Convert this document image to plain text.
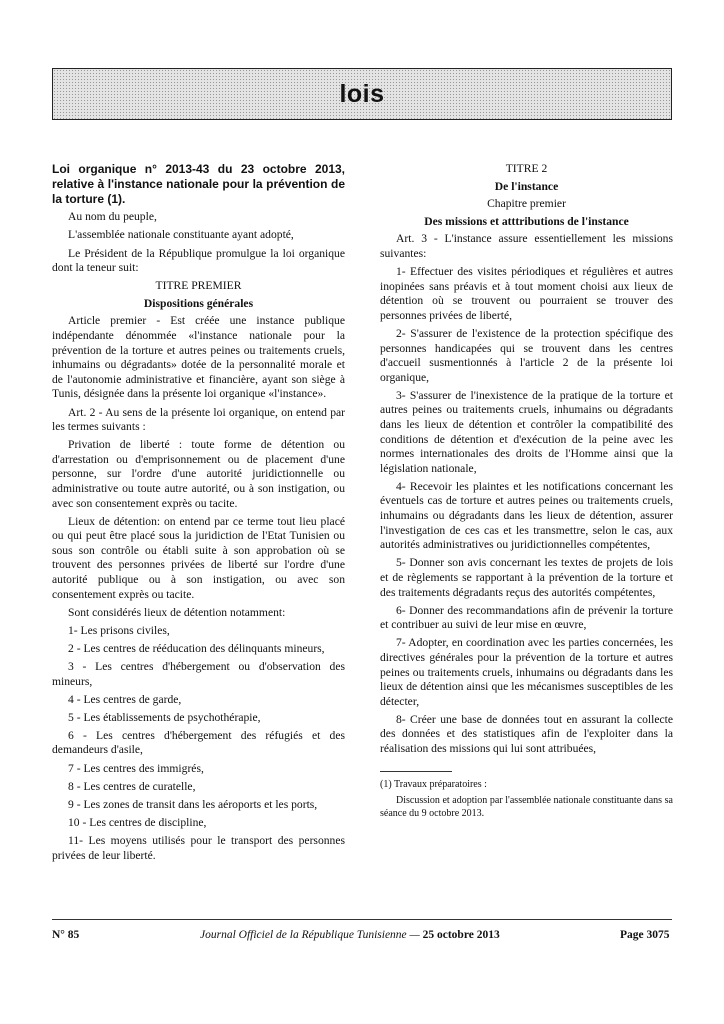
lois
Loi organique n° 2013-43 du 23 octobre 2013, relative à l'instance nationale pour la prévention de la torture (1).

Au nom du peuple,

L'assemblée nationale constituante ayant adopté,

Le Président de la République promulgue la loi organique dont la teneur suit:

TITRE PREMIER
Dispositions générales

Article premier - Est créée une instance publique indépendante dénommée «l'instance nationale pour la prévention de la torture et autres peines ou traitements cruels, inhumains ou dégradants» dotée de la personnalité morale et de l'autonomie administrative et financière, ayant son siège à Tunis, désignée dans la présente loi organique «l'instance».

Art. 2 - Au sens de la présente loi organique, on entend par les termes suivants :

Privation de liberté : toute forme de détention ou d'arrestation ou d'emprisonnement ou de placement d'une personne, sur l'ordre d'une autorité juridictionnelle ou administrative ou toute autre autorité, ou à son instigation, ou avec son consentement exprès ou tacite.

Lieux de détention: on entend par ce terme tout lieu placé ou qui peut être placé sous la juridiction de l'Etat Tunisien ou sous son contrôle ou établi suite à son approbation où se trouvent des personnes privées de liberté sur l'ordre d'une autorité publique ou à son instigation, ou avec son consentement exprès ou tacite.

Sont considérés lieux de détention notamment:

1- Les prisons civiles,

2 - Les centres de rééducation des délinquants mineurs,

3 - Les centres d'hébergement ou d'observation des mineurs,

4 - Les centres de garde,

5 - Les établissements de psychothérapie,

6 - Les centres d'hébergement des réfugiés et des demandeurs d'asile,

7 - Les centres des immigrés,

8 - Les centres de curatelle,

9 - Les zones de transit dans les aéroports et les ports,

10 - Les centres de discipline,

11- Les moyens utilisés pour le transport des personnes privées de leur liberté.

TITRE 2
De l'instance
Chapitre premier
Des missions et atttributions de l'instance

Art. 3 - L'instance assure essentiellement les missions suivantes:

1- Effectuer des visites périodiques et régulières et autres inopinées sans préavis et à tout moment choisi aux lieux de détention où se trouvent ou pourraient se trouver des personnes privées de liberté,

2- S'assurer de l'existence de la protection spécifique des personnes handicapées qui se trouvent dans les centres d'accueil susmentionnés à l'article 2 de la présente loi organique,

3- S'assurer de l'inexistence de la pratique de la torture et autres peines ou traitements cruels, inhumains ou dégradants dans les lieux de détention et contrôler la compatibilité des conditions de détention et d'exécution de la peine avec les normes internationales des droits de l'Homme ainsi que la législation nationale,

4- Recevoir les plaintes et les notifications concernant les éventuels cas de torture et autres peines ou traitements cruels, inhumains ou dégradants dans les lieux de détention, assurer l'investigation de ces cas et les transmettre, selon le cas, aux autorités administratives ou juridictionnelles compétentes,

5- Donner son avis concernant les textes de projets de lois et de règlements se rapportant à la prévention de la torture et des traitements dégradants reçus des autorités compétentes,

6- Donner des recommandations afin de prévenir la torture et contribuer au suivi de leur mise en œuvre,

7- Adopter, en coordination avec les parties concernées, les directives générales pour la prévention de la torture et autres peines ou traitements cruels, inhumains ou dégradants dans les lieux de détention ainsi que les mécanismes susceptibles de les détecter,

8- Créer une base de données tout en assurant la collecte des données et des statistiques afin de l'exploiter dans la réalisation des missions qui lui sont attribuées,

(1) Travaux préparatoires :

Discussion et adoption par l'assemblée nationale constituante dans sa séance du 9 octobre 2013.

N° 85	Journal Officiel de la République Tunisienne — 25 octobre 2013	Page 3075
